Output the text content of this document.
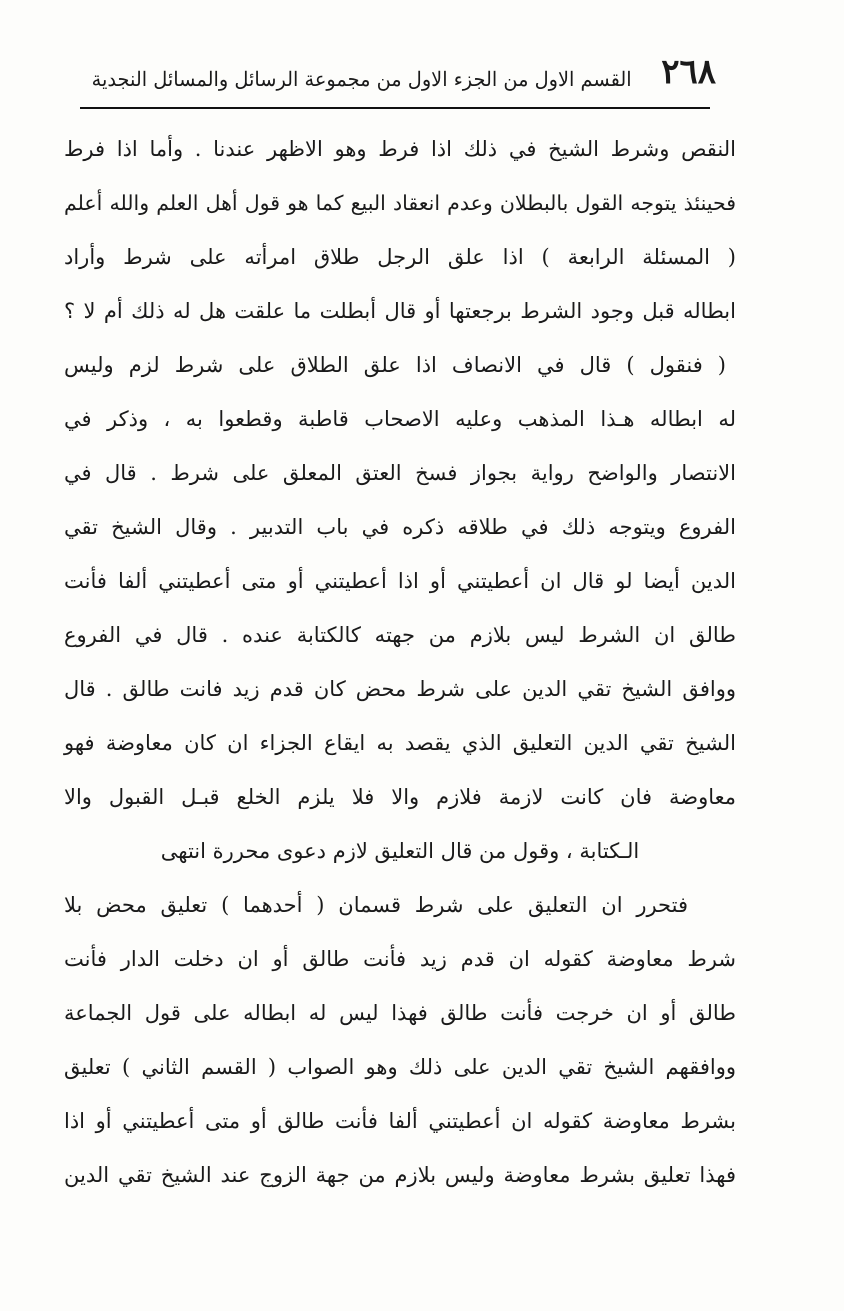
٢٦٨
القسم الاول من الجزء الاول من مجموعة الرسائل والمسائل النجدية
النقص وشرط الشيخ في ذلك اذا فرط وهو الاظهر عندنا . وأما اذا فرط
فحينئذ يتوجه القول بالبطلان وعدم انعقاد البيع كما هو قول أهل العلم والله أعلم
( المسئلة الرابعة ) اذا علق الرجل طلاق امرأته على شرط وأراد
ابطاله قبل وجود الشرط برجعتها أو قال أبطلت ما علقت هل له ذلك أم لا ؟
( فنقول ) قال في الانصاف اذا علق الطلاق على شرط لزم وليس
له ابطاله هـذا المذهب وعليه الاصحاب قاطبة وقطعوا به ، وذكر في
الانتصار والواضح رواية بجواز فسخ العتق المعلق على شرط . قال في
الفروع ويتوجه ذلك في طلاقه ذكره في باب التدبير . وقال الشيخ تقي
الدين أيضا لو قال ان أعطيتني أو اذا أعطيتني أو متى أعطيتني ألفا فأنت
طالق ان الشرط ليس بلازم من جهته كالكتابة عنده . قال في الفروع
ووافق الشيخ تقي الدين على شرط محض كان قدم زيد فانت طالق . قال
الشيخ تقي الدين التعليق الذي يقصد به ايقاع الجزاء ان كان معاوضة فهو
معاوضة فان كانت لازمة فلازم والا فلا يلزم الخلع قبـل القبول والا
الـكتابة ، وقول من قال التعليق لازم دعوى محررة انتهى
فتحرر ان التعليق على شرط قسمان ( أحدهما ) تعليق محض بلا
شرط معاوضة كقوله ان قدم زيد فأنت طالق أو ان دخلت الدار فأنت
طالق أو ان خرجت فأنت طالق فهذا ليس له ابطاله على قول الجماعة
ووافقهم الشيخ تقي الدين على ذلك وهو الصواب ( القسم الثاني ) تعليق
بشرط معاوضة كقوله ان أعطيتني ألفا فأنت طالق أو متى أعطيتني أو اذا
فهذا تعليق بشرط معاوضة وليس بلازم من جهة الزوج عند الشيخ تقي الدين
